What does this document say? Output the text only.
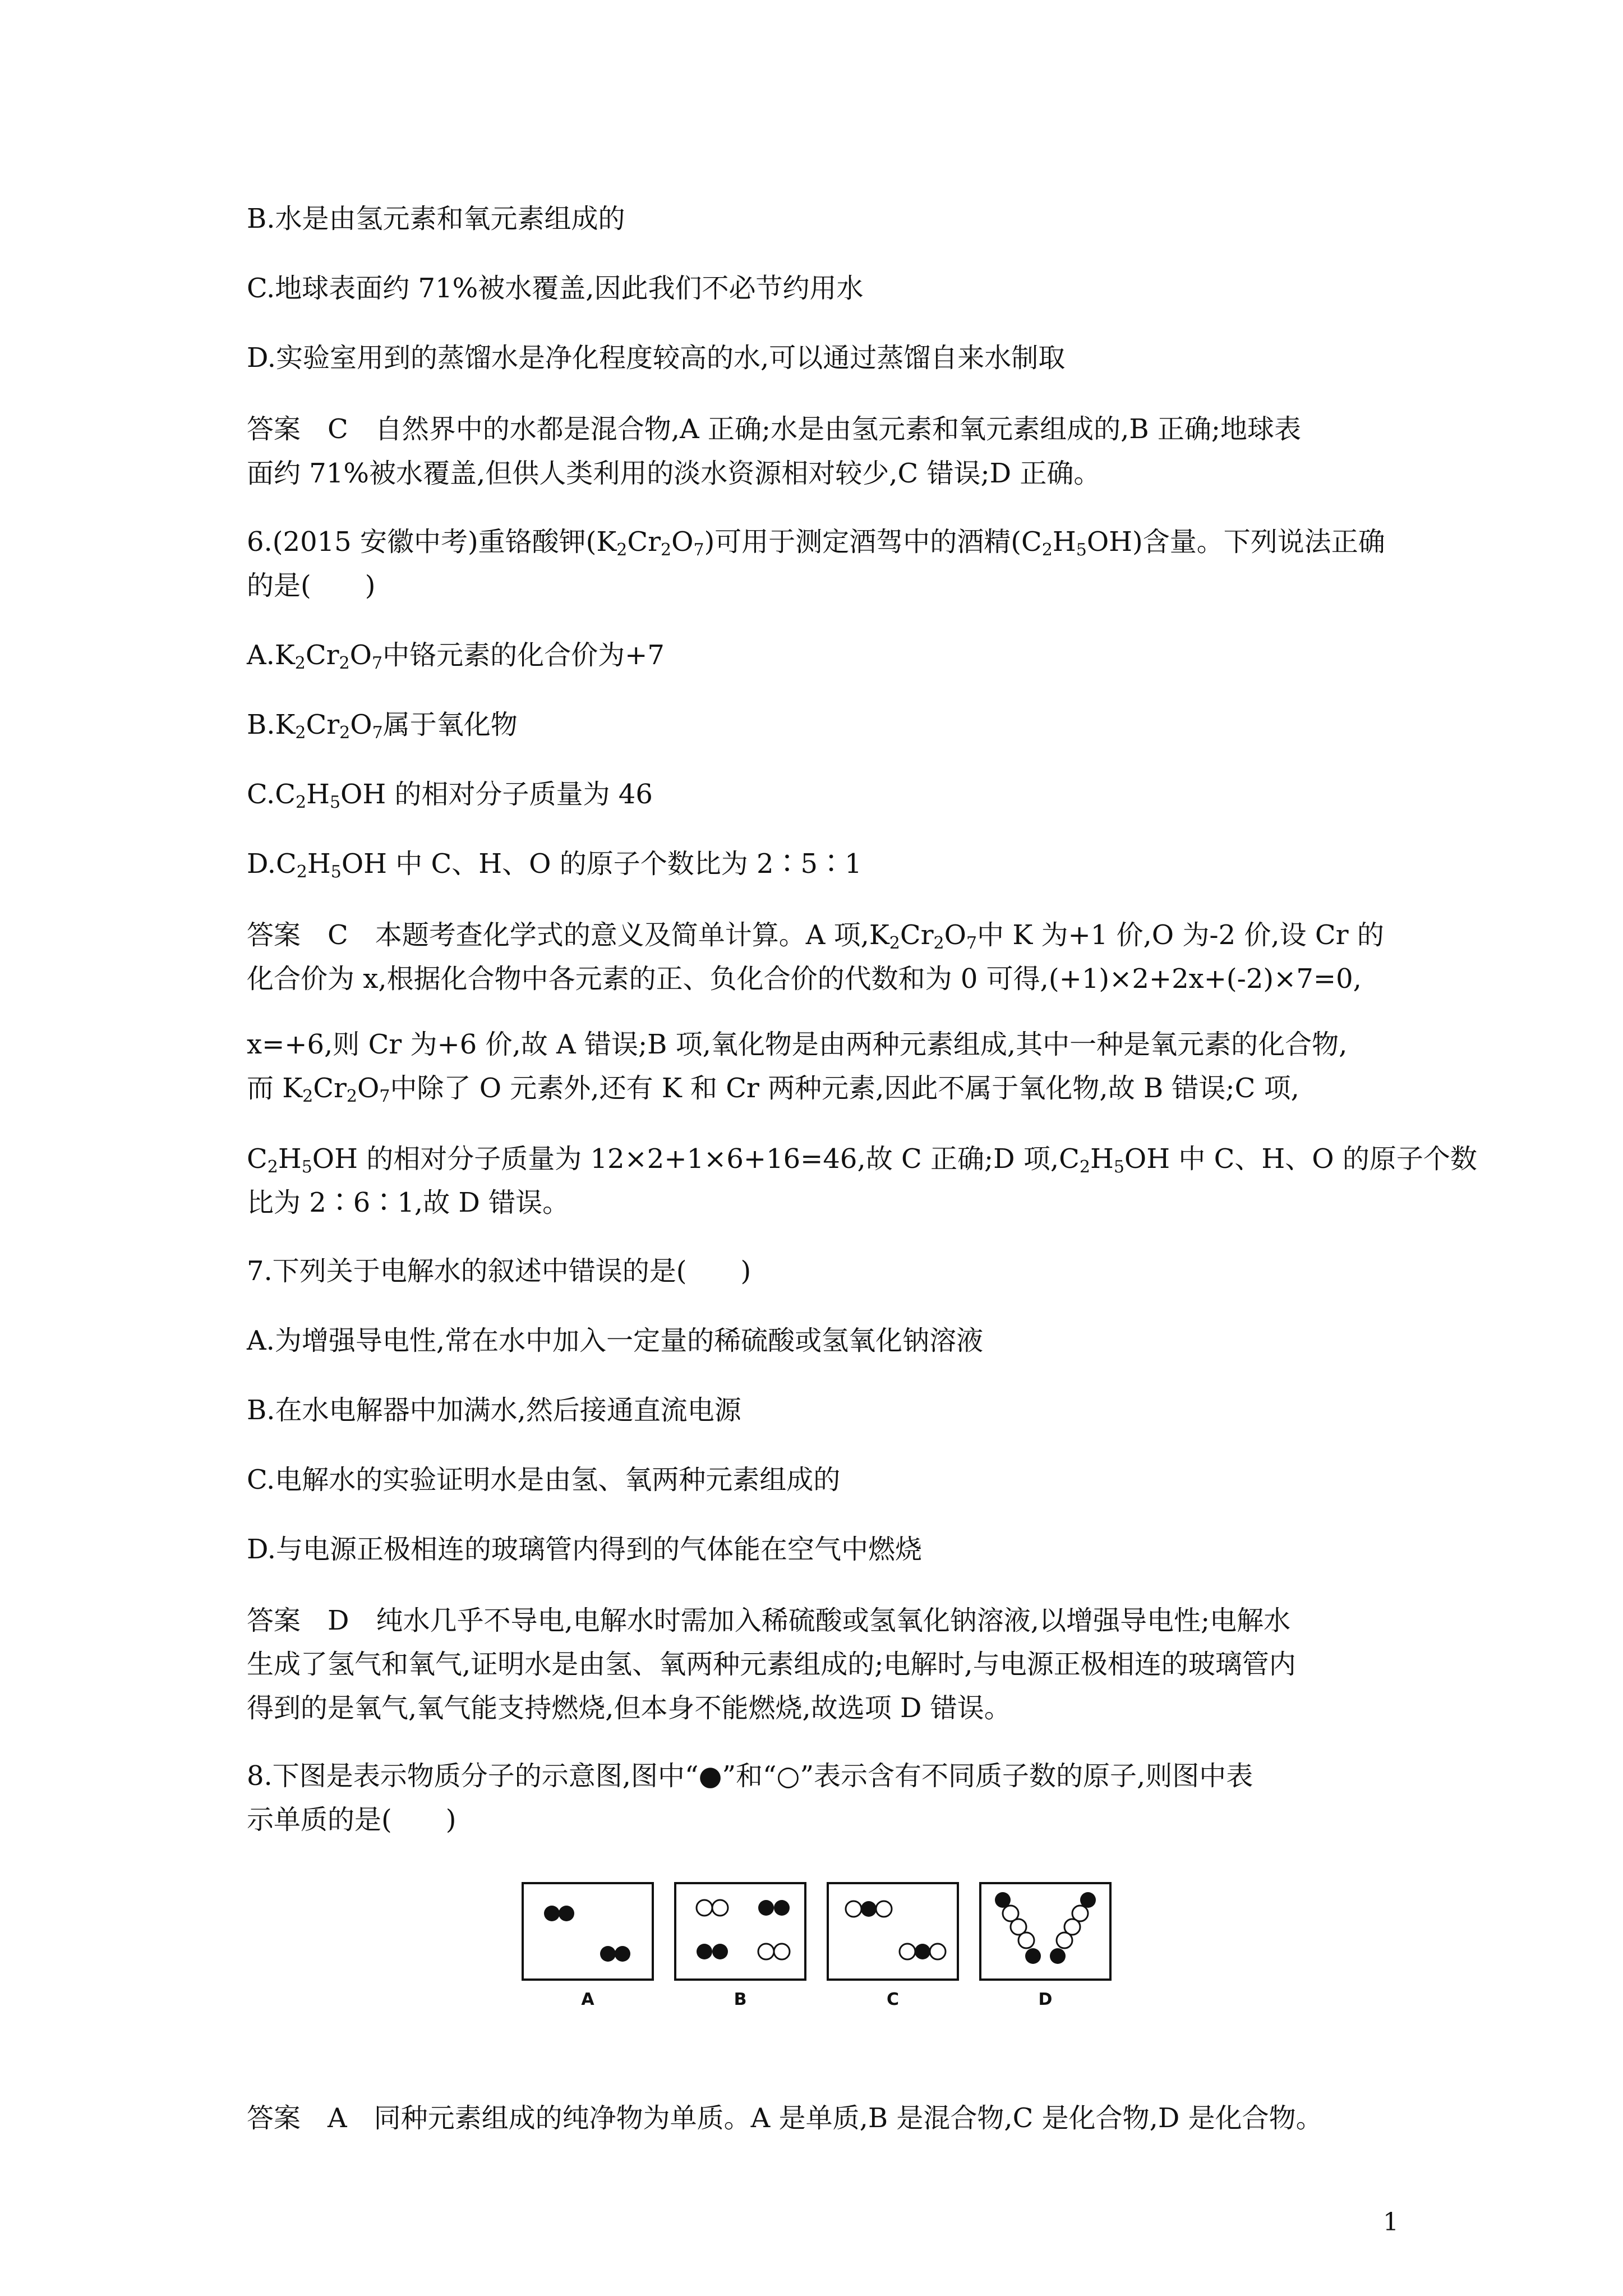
B.水是由氢元素和氧元素组成的
C.地球表面约 71%被水覆盖,因此我们不必节约用水
D.实验室用到的蒸馏水是净化程度较高的水,可以通过蒸馏自来水制取
答案　C　自然界中的水都是混合物,A 正确;水是由氢元素和氧元素组成的,B 正确;地球表
面约 71%被水覆盖,但供人类利用的淡水资源相对较少,C 错误;D 正确。
6.(2015 安徽中考)重铬酸钾$(K_2Cr_2O_7)$可用于测定酒驾中的酒精$(C_2H_5OH)$含量。下列说法正确
的是(　　)
$A.K_2Cr_2O_7$中铬元素的化合价为+7
$B.K_2Cr_2O_7$属于氧化物
$C.C_2H_5OH$ 的相对分子质量为 46
$D.C_2H_5OH$ 中 C、H、O 的原子个数比为 2∶5∶1
答案　C　本题考查化学式的意义及简单计算。A 项$,K_2Cr_2O_7$中 K 为+1 价,O 为-2 价,设 Cr 的
化合价为 x,根据化合物中各元素的正、负化合价的代数和为 0 可得,(+1)×2+2x+(-2)×7=0,
x=+6,则 Cr 为+6 价,故 A 错误;B 项,氧化物是由两种元素组成,其中一种是氧元素的化合物,
而 $K_2Cr_2O_7$中除了 O 元素外,还有 K 和 Cr 两种元素,因此不属于氧化物,故 B 错误;C 项,
$C_2H_5OH$ 的相对分子质量为 12×2+1×6+16=46,故 C 正确;D 项$,C_2H_5OH$ 中 C、H、O 的原子个数
比为 2∶6∶1,故 D 错误。
7.下列关于电解水的叙述中错误的是(　　)
A.为增强导电性,常在水中加入一定量的稀硫酸或氢氧化钠溶液
B.在水电解器中加满水,然后接通直流电源
C.电解水的实验证明水是由氢、氧两种元素组成的
D.与电源正极相连的玻璃管内得到的气体能在空气中燃烧
答案　D　纯水几乎不导电,电解水时需加入稀硫酸或氢氧化钠溶液,以增强导电性;电解水
生成了氢气和氧气,证明水是由氢、氧两种元素组成的;电解时,与电源正极相连的玻璃管内
得到的是氧气,氧气能支持燃烧,但本身不能燃烧,故选项 D 错误。
8.下图是表示物质分子的示意图,图中“●”和“○”表示含有不同质子数的原子,则图中表
示单质的是(　　)
A	B	C	D
答案　A　同种元素组成的纯净物为单质。A 是单质,B 是混合物,C 是化合物,D 是化合物。
1
